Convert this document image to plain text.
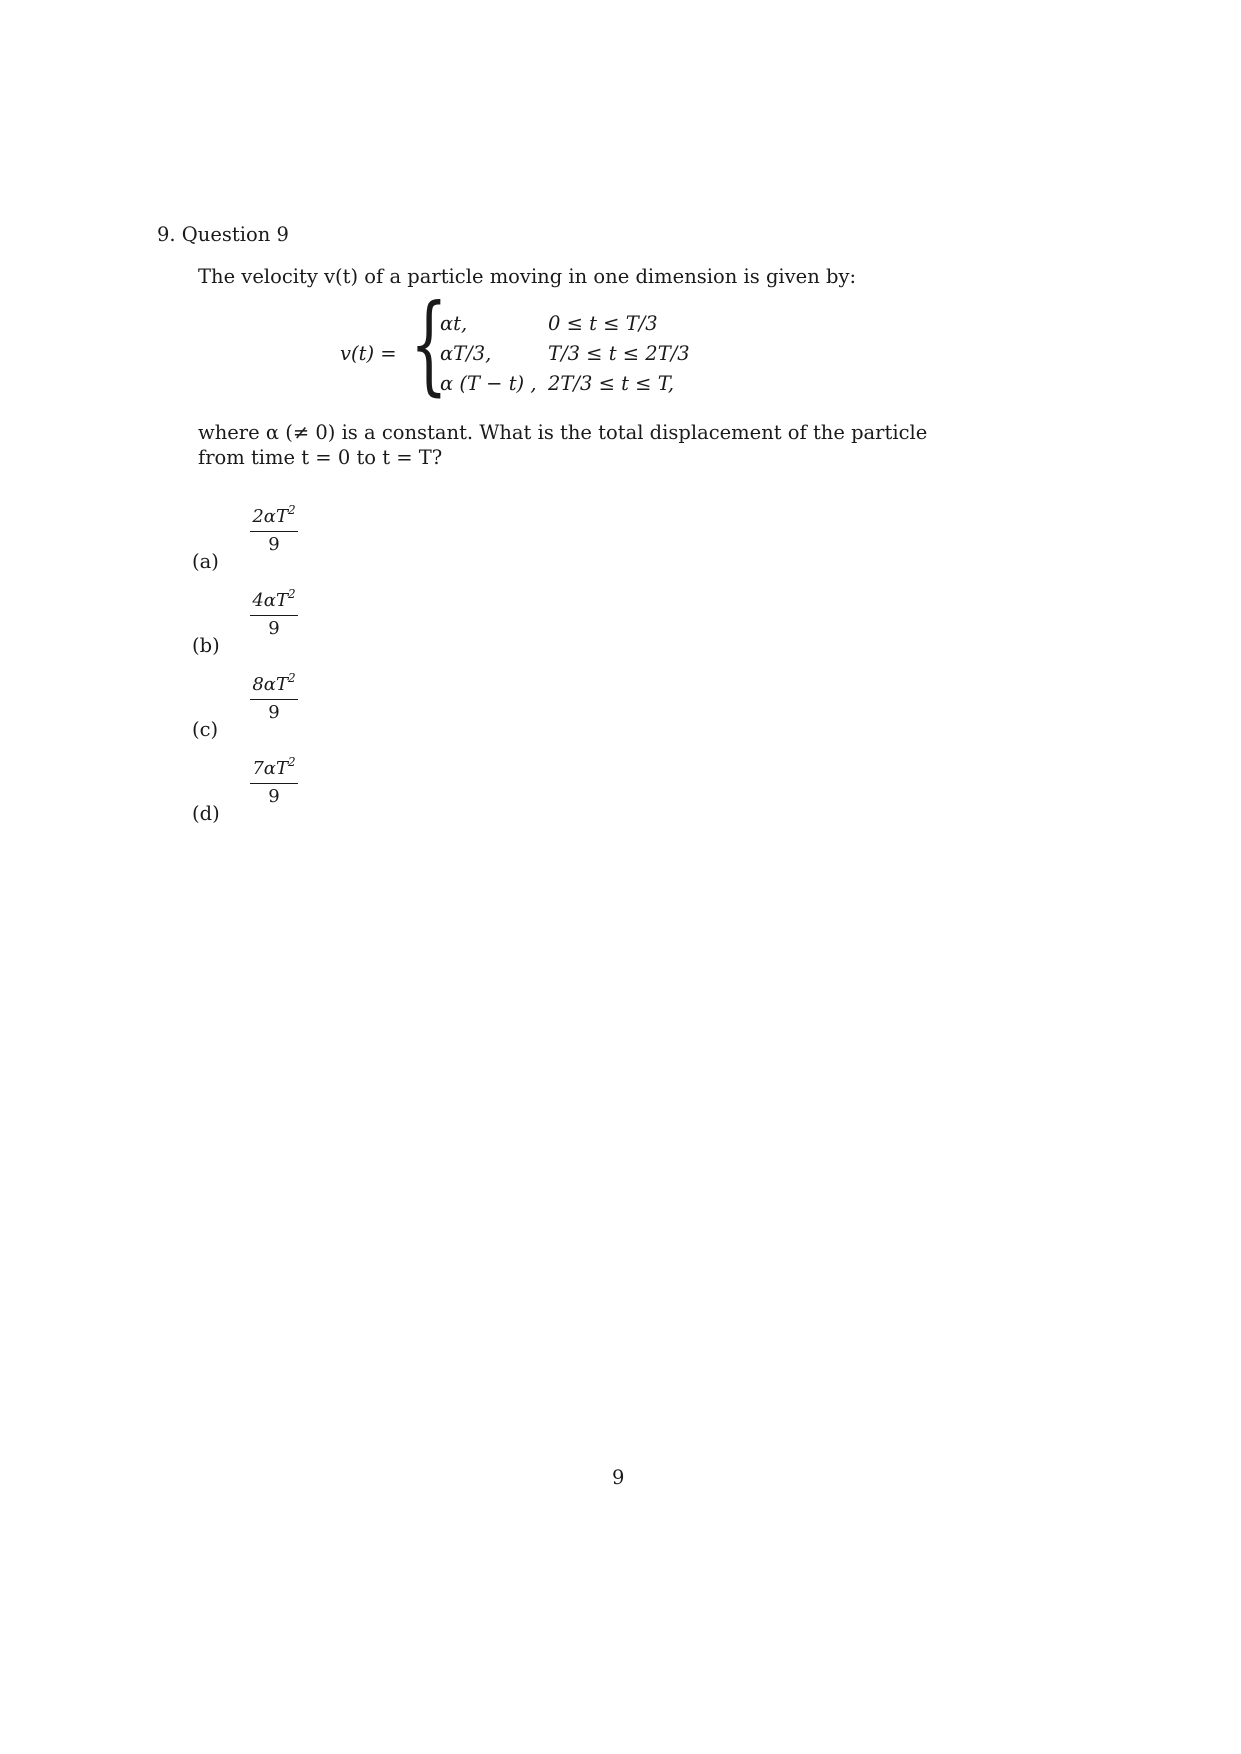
9. Question 9
The velocity v(t) of a particle moving in one dimension is given by:
v(t) = {
αt,	0 ≤ t ≤ T/3
αT/3,	T/3 ≤ t ≤ 2T/3
α (T − t) , 2T/3 ≤ t ≤ T,
where α (≠ 0) is a constant. What is the total displacement of the particle
from time t = 0 to t = T?
(a)
$2\alpha T^2$
9
(b)
$4\alpha T^2$
9
(c)
$8\alpha T^2$
9
(d)
$7\alpha T^2$
9
9
